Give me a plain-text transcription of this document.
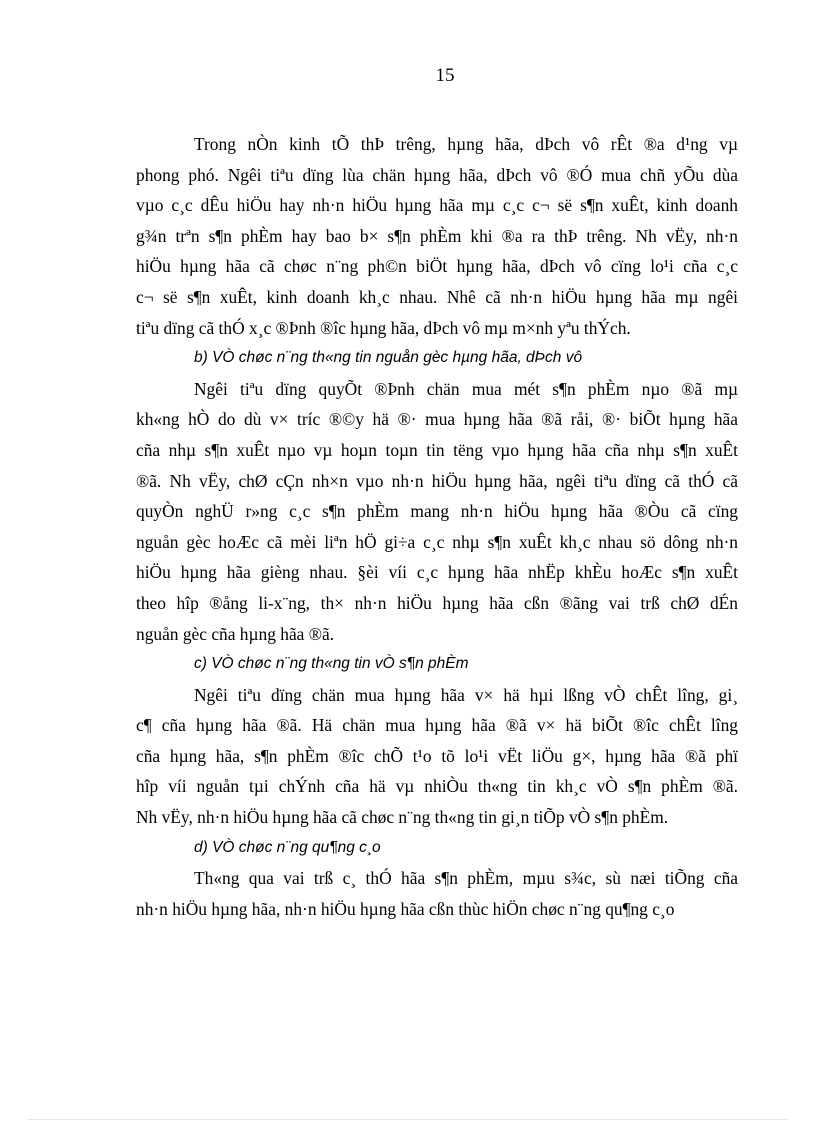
15
Trong nÒn kinh tÕ thÞ trêng, hµng hãa, dÞch vô rÊt ®a d¹ng vµ
phong phó. Ngêi tiªu dïng lùa chän hµng hãa, dÞch vô ®Ó mua chñ yÕu dùa
vµo c¸c dÊu hiÖu hay nh·n hiÖu hµng hãa mµ c¸c c¬ së s¶n xuÊt, kinh doanh
g¾n trªn s¶n phÈm hay bao b× s¶n phÈm khi ®a ra thÞ trêng. Nh vËy, nh·n
hiÖu hµng hãa cã chøc n¨ng ph©n biÖt hµng hãa, dÞch vô cïng lo¹i cña c¸c
c¬ së s¶n xuÊt, kinh doanh kh¸c nhau. Nhê cã nh·n hiÖu hµng hãa mµ ngêi
tiªu dïng cã thÓ x¸c ®Þnh ®îc hµng hãa, dÞch vô mµ m×nh yªu thÝch.

b) VÒ chøc n¨ng th«ng tin nguån gèc hµng hãa, dÞch vô

Ngêi tiªu dïng quyÕt ®Þnh chän mua mét s¶n phÈm nµo ®ã mµ
kh«ng hÒ do dù v× tríc ®©y hä ®· mua hµng hãa ®ã råi, ®· biÕt hµng hãa
cña nhµ s¶n xuÊt nµo vµ hoµn toµn tin tëng vµo hµng hãa cña nhµ s¶n xuÊt
®ã. Nh vËy, chØ cÇn nh×n vµo nh·n hiÖu hµng hãa, ngêi tiªu dïng cã thÓ cã
quyÒn nghÜ r»ng c¸c s¶n phÈm mang nh·n hiÖu hµng hãa ®Òu cã cïng
nguån gèc hoÆc cã mèi liªn hÖ gi÷a c¸c nhµ s¶n xuÊt kh¸c nhau sö dông nh·n
hiÖu hµng hãa gièng nhau. §èi víi c¸c hµng hãa nhËp khÈu hoÆc s¶n xuÊt
theo hîp ®ång li-x¨ng, th× nh·n hiÖu hµng hãa cßn ®ãng vai trß chØ dÉn
nguån gèc cña hµng hãa ®ã.

c) VÒ chøc n¨ng th«ng tin vÒ s¶n phÈm

Ngêi tiªu dïng chän mua hµng hãa v× hä hµi lßng vÒ chÊt lîng, gi¸
c¶ cña hµng hãa ®ã. Hä chän mua hµng hãa ®ã v× hä biÕt ®îc chÊt lîng
cña hµng hãa, s¶n phÈm ®îc chÕ t¹o tõ lo¹i vËt liÖu g×, hµng hãa ®ã phï
hîp víi nguån tµi chÝnh cña hä vµ nhiÒu th«ng tin kh¸c vÒ s¶n phÈm ®ã.
Nh vËy, nh·n hiÖu hµng hãa cã chøc n¨ng th«ng tin gi¸n tiÕp vÒ s¶n phÈm.

d) VÒ chøc n¨ng qu¶ng c¸o

Th«ng qua vai trß c¸ thÓ hãa s¶n phÈm, mµu s¾c, sù næi tiÕng cña
nh·n hiÖu hµng hãa, nh·n hiÖu hµng hãa cßn thùc hiÖn chøc n¨ng qu¶ng c¸o
